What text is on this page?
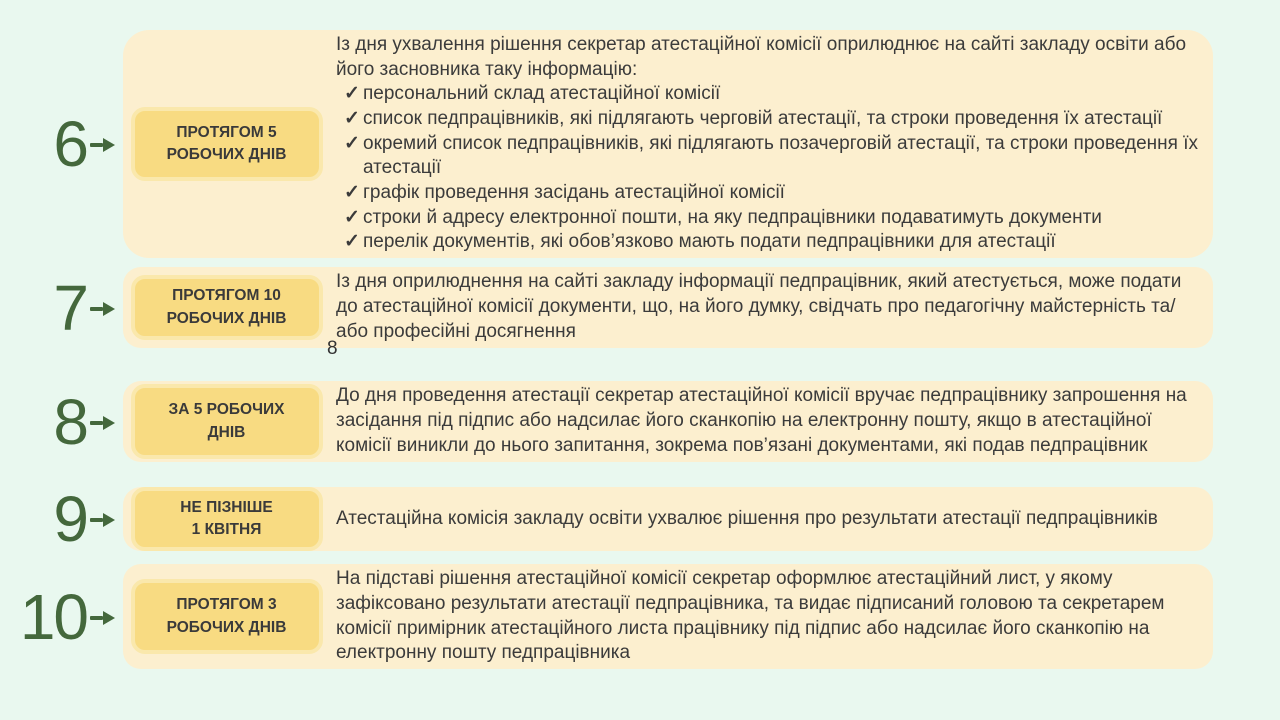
6	ПРОТЯГОМ 5
РОБОЧИХ ДНІВ

Із дня ухвалення рішення секретар атестаційної комісії оприлюднює на сайті закладу освіти або його засновника таку інформацію:

✓ персональний склад атестаційної комісії
✓ список педпрацівників, які підлягають черговій атестації, та строки проведення їх атестації
✓ окремий список педпрацівників, які підлягають позачерговій атестації, та строки проведення їх атестації
✓ графік проведення засідань атестаційної комісії
✓ строки й адресу електронної пошти, на яку педпрацівники подаватимуть документи
✓ перелік документів, які обов’язково мають подати педпрацівники для атестації
7	ПРОТЯГОМ 10
РОБОЧИХ ДНІВ

Із дня оприлюднення на сайті закладу інформації педпрацівник, який атестується, може подати до атестаційної комісії документи, що, на його думку, свідчать про педагогічну майстерність та/або професійні досягнення

8	ЗА 5 РОБОЧИХ
ДНІВ

До дня проведення атестації секретар атестаційної комісії вручає педпрацівнику запрошення на засідання під підпис або надсилає його сканкопію на електронну пошту, якщо в атестаційної комісії виникли до нього запитання, зокрема пов’язані документами, які подав педпрацівник

9	НЕ ПІЗНІШЕ
1 КВІТНЯ

Атестаційна комісія закладу освіти ухвалює рішення про результати атестації педпрацівників

10	ПРОТЯГОМ 3
РОБОЧИХ ДНІВ

На підставі рішення атестаційної комісії секретар оформлює атестаційний лист, у якому зафіксовано результати атестації педпрацівника, та видає підписаний головою та секретарем комісії примірник атестаційного листа працівнику під підпис або надсилає його сканкопію на електронну пошту педпрацівника

8
